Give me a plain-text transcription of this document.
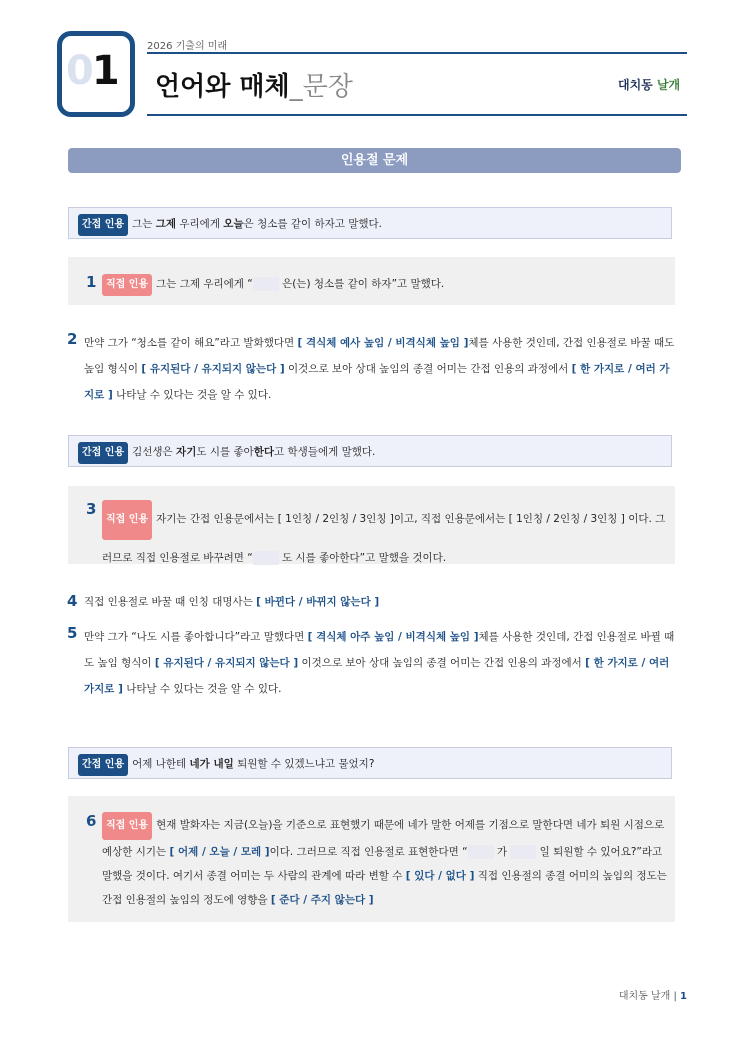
01
2026 기출의 미래
언어와 매체_문장	대치동 날개
인용절 문제
간접 인용 그는 그제 우리에게 오늘은 청소를 같이 하자고 말했다.
1 직접 인용 그는 그제 우리에게 “ 은(는) 청소를 같이 하자”고 말했다.
2 만약 그가 “청소를 같이 해요”라고 발화했다면 [ 격식체 예사 높임 / 비격식체 높임 ]체를 사용한 것인데, 간접 인용절로 바꿀 때도 높임 형식이 [ 유지된다 / 유지되지 않는다 ] 이것으로 보아 상대 높임의 종결 어미는 간접 인용의 과정에서 [ 한 가지로 / 여러 가지로 ] 나타날 수 있다는 것을 알 수 있다.
간접 인용 김선생은 자기도 시를 좋아한다고 학생들에게 말했다.
3
직접 인용 자기는 간접 인용문에서는 [ 1인칭 / 2인칭 / 3인칭 ]이고, 직접 인용문에서는 [ 1인칭 / 2인칭 / 3인칭 ] 이다. 그러므로 직접 인용절로 바꾸려면 “ 도 시를 좋아한다”고 말했을 것이다.
4 직접 인용절로 바꿀 때 인칭 대명사는 [ 바뀐다 / 바뀌지 않는다 ]
5 만약 그가 “나도 시를 좋아합니다”라고 말했다면 [ 격식체 아주 높임 / 비격식체 높임 ]체를 사용한 것인데, 간접 인용절로 바뀔 때도 높임 형식이 [ 유지된다 / 유지되지 않는다 ] 이것으로 보아 상대 높임의 종결 어미는 간접 인용의 과정에서 [ 한 가지로 / 여러 가지로 ] 나타날 수 있다는 것을 알 수 있다.
간접 인용 어제 나한테 네가 내일 퇴원할 수 있겠느냐고 물었지?
6 직접 인용 현재 발화자는 지금(오늘)을 기준으로 표현했기 때문에 네가 말한 어제를 기점으로 말한다면 네가 퇴원 시점으로 예상한 시기는 [ 어제 / 오늘 / 모레 ]이다. 그러므로 직접 인용절로 표현한다면 “ 가  일 퇴원할 수 있어요?”라고 말했을 것이다. 여기서 종결 어미는 두 사람의 관계에 따라 변할 수 [ 있다 / 없다 ] 직접 인용절의 종결 어미의 높임의 정도는 간접 인용절의 높임의 정도에 영향을 [ 준다 / 주지 않는다 ]
대치동 날개 | 1
